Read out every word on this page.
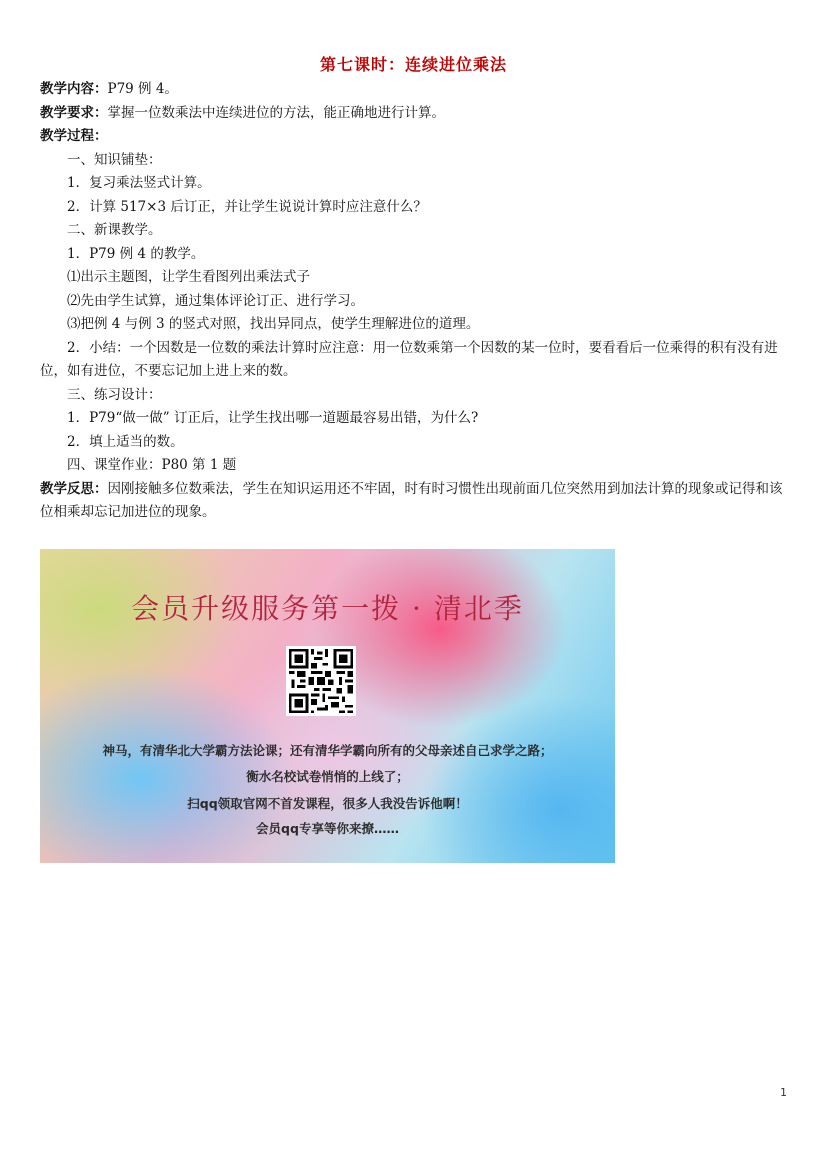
第七课时：连续进位乘法

教学内容：P79 例 4。

教学要求：掌握一位数乘法中连续进位的方法，能正确地进行计算。

教学过程：

一、知识铺垫：

1．复习乘法竖式计算。

2．计算 517×3 后订正，并让学生说说计算时应注意什么？

二、新课教学。

1．P79 例 4 的教学。

⑴出示主题图，让学生看图列出乘法式子

⑵先由学生试算，通过集体评论订正、进行学习。

⑶把例 4 与例 3 的竖式对照，找出异同点，使学生理解进位的道理。

2．小结：一个因数是一位数的乘法计算时应注意：用一位数乘第一个因数的某一位时，要看看后一位乘得的积有没有进位，如有进位，不要忘记加上进上来的数。

三、练习设计：

1．P79“做一做” 订正后，让学生找出哪一道题最容易出错，为什么?

2．填上适当的数。

四、课堂作业：P80 第 1 题

教学反思：因刚接触多位数乘法，学生在知识运用还不牢固，时有时习惯性出现前面几位突然用到加法计算的现象或记得和该位相乘却忘记加进位的现象。

会员升级服务第一拨 · 清北季
神马，有清华北大学霸方法论课；还有清华学霸向所有的父母亲述自己求学之路；
衡水名校试卷悄悄的上线了；
扫qq领取官网不首发课程，很多人我没告诉他啊！
会员qq专享等你来撩……
1
